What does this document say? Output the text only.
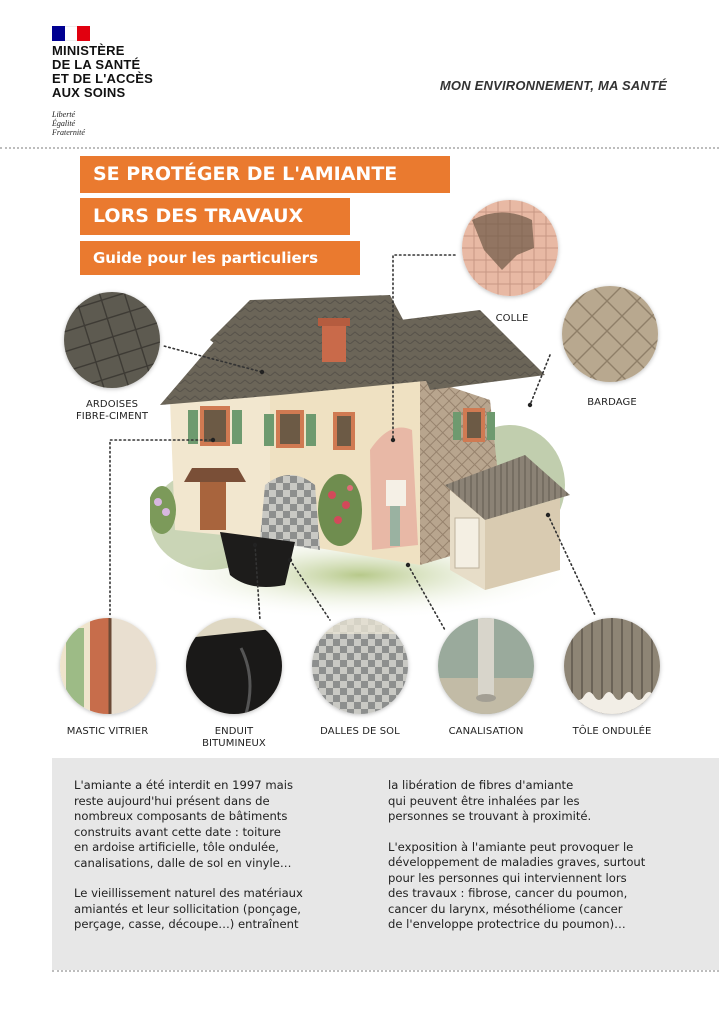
MINISTÈRE
DE LA SANTÉ
ET DE L'ACCÈS
AUX SOINS
Liberté
Égalité
Fraternité
MON ENVIRONNEMENT, MA SANTÉ
SE PROTÉGER DE L'AMIANTE
LORS DES TRAVAUX
Guide pour les particuliers
ARDOISES
FIBRE-CIMENT
COLLE
BARDAGE
MASTIC VITRIER	ENDUIT
BITUMINEUX
DALLES DE SOL	CANALISATION	TÔLE ONDULÉE

L'amiante a été interdit en 1997 mais
reste aujourd'hui présent dans de
nombreux composants de bâtiments
construits avant cette date : toiture
en ardoise artificielle, tôle ondulée,
canalisations, dalle de sol en vinyle…

Le vieillissement naturel des matériaux
amiantés et leur sollicitation (ponçage,
perçage, casse, découpe…) entraînent

la libération de fibres d'amiante
qui peuvent être inhalées par les
personnes se trouvant à proximité.

L'exposition à l'amiante peut provoquer le
développement de maladies graves, surtout
pour les personnes qui interviennent lors
des travaux : fibrose, cancer du poumon,
cancer du larynx, mésothéliome (cancer
de l'enveloppe protectrice du poumon)…
